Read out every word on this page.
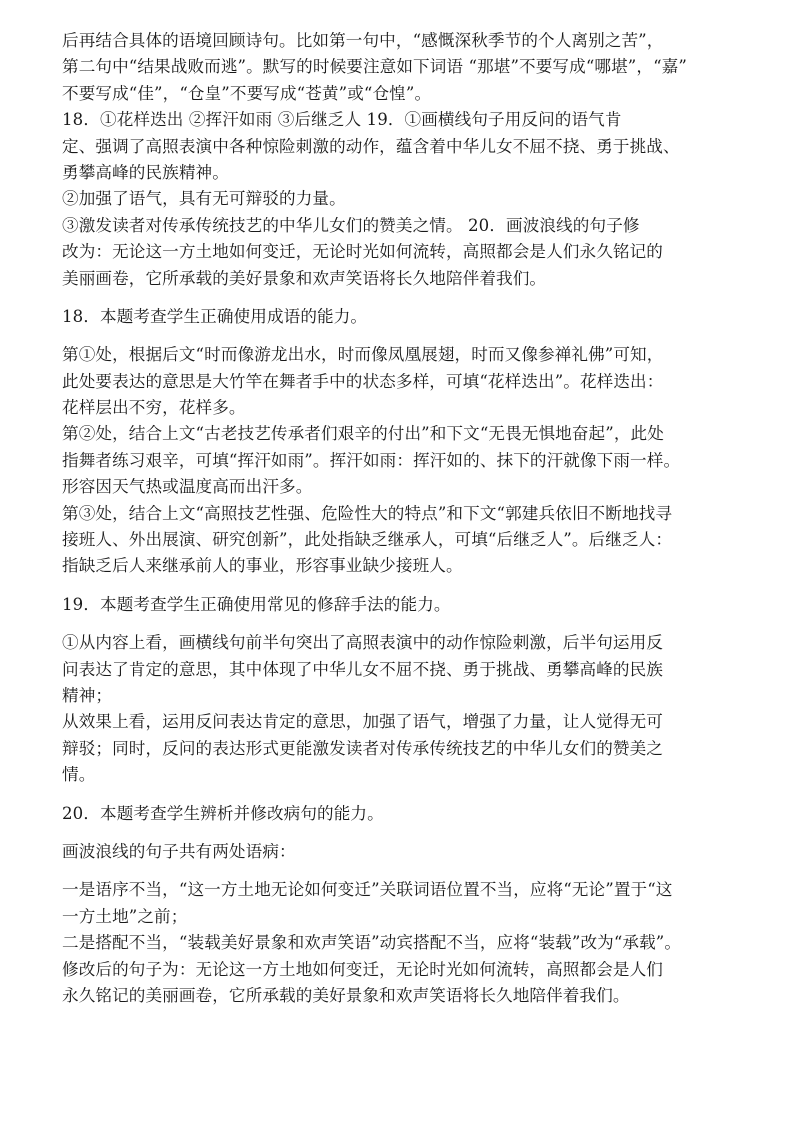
后再结合具体的语境回顾诗句。比如第一句中，“感慨深秋季节的个人离别之苦”，
第二句中“结果战败而逃”。默写的时候要注意如下词语 “那堪”不要写成“哪堪”，“嘉”
不要写成“佳”，“仓皇”不要写成“苍黄”或“仓惶”。
18．①花样迭出 ②挥汗如雨 ③后继乏人 19．①画横线句子用反问的语气肯
定、强调了高照表演中各种惊险刺激的动作，蕴含着中华儿女不屈不挠、勇于挑战、
勇攀高峰的民族精神。
②加强了语气，具有无可辩驳的力量。
③激发读者对传承传统技艺的中华儿女们的赞美之情。 20．画波浪线的句子修
改为：无论这一方土地如何变迁，无论时光如何流转，高照都会是人们永久铭记的
美丽画卷，它所承载的美好景象和欢声笑语将长久地陪伴着我们。
18．本题考查学生正确使用成语的能力。
第①处，根据后文“时而像游龙出水，时而像凤凰展翅，时而又像参禅礼佛”可知，
此处要表达的意思是大竹竿在舞者手中的状态多样，可填“花样迭出”。花样迭出：
花样层出不穷，花样多。
第②处，结合上文“古老技艺传承者们艰辛的付出”和下文“无畏无惧地奋起”，此处
指舞者练习艰辛，可填“挥汗如雨”。挥汗如雨：挥汗如的、抹下的汗就像下雨一样。
形容因天气热或温度高而出汗多。
第③处，结合上文“高照技艺性强、危险性大的特点”和下文“郭建兵依旧不断地找寻
接班人、外出展演、研究创新”，此处指缺乏继承人，可填“后继乏人”。后继乏人：
指缺乏后人来继承前人的事业，形容事业缺少接班人。
19．本题考查学生正确使用常见的修辞手法的能力。
①从内容上看，画横线句前半句突出了高照表演中的动作惊险刺激，后半句运用反
问表达了肯定的意思，其中体现了中华儿女不屈不挠、勇于挑战、勇攀高峰的民族
精神；
从效果上看，运用反问表达肯定的意思，加强了语气，增强了力量，让人觉得无可
辩驳；同时，反问的表达形式更能激发读者对传承传统技艺的中华儿女们的赞美之
情。
20．本题考查学生辨析并修改病句的能力。
画波浪线的句子共有两处语病：
一是语序不当，“这一方土地无论如何变迁”关联词语位置不当，应将“无论”置于“这
一方土地”之前；
二是搭配不当，“装载美好景象和欢声笑语”动宾搭配不当，应将“装载”改为“承载”。
修改后的句子为：无论这一方土地如何变迁，无论时光如何流转，高照都会是人们
永久铭记的美丽画卷，它所承载的美好景象和欢声笑语将长久地陪伴着我们。
